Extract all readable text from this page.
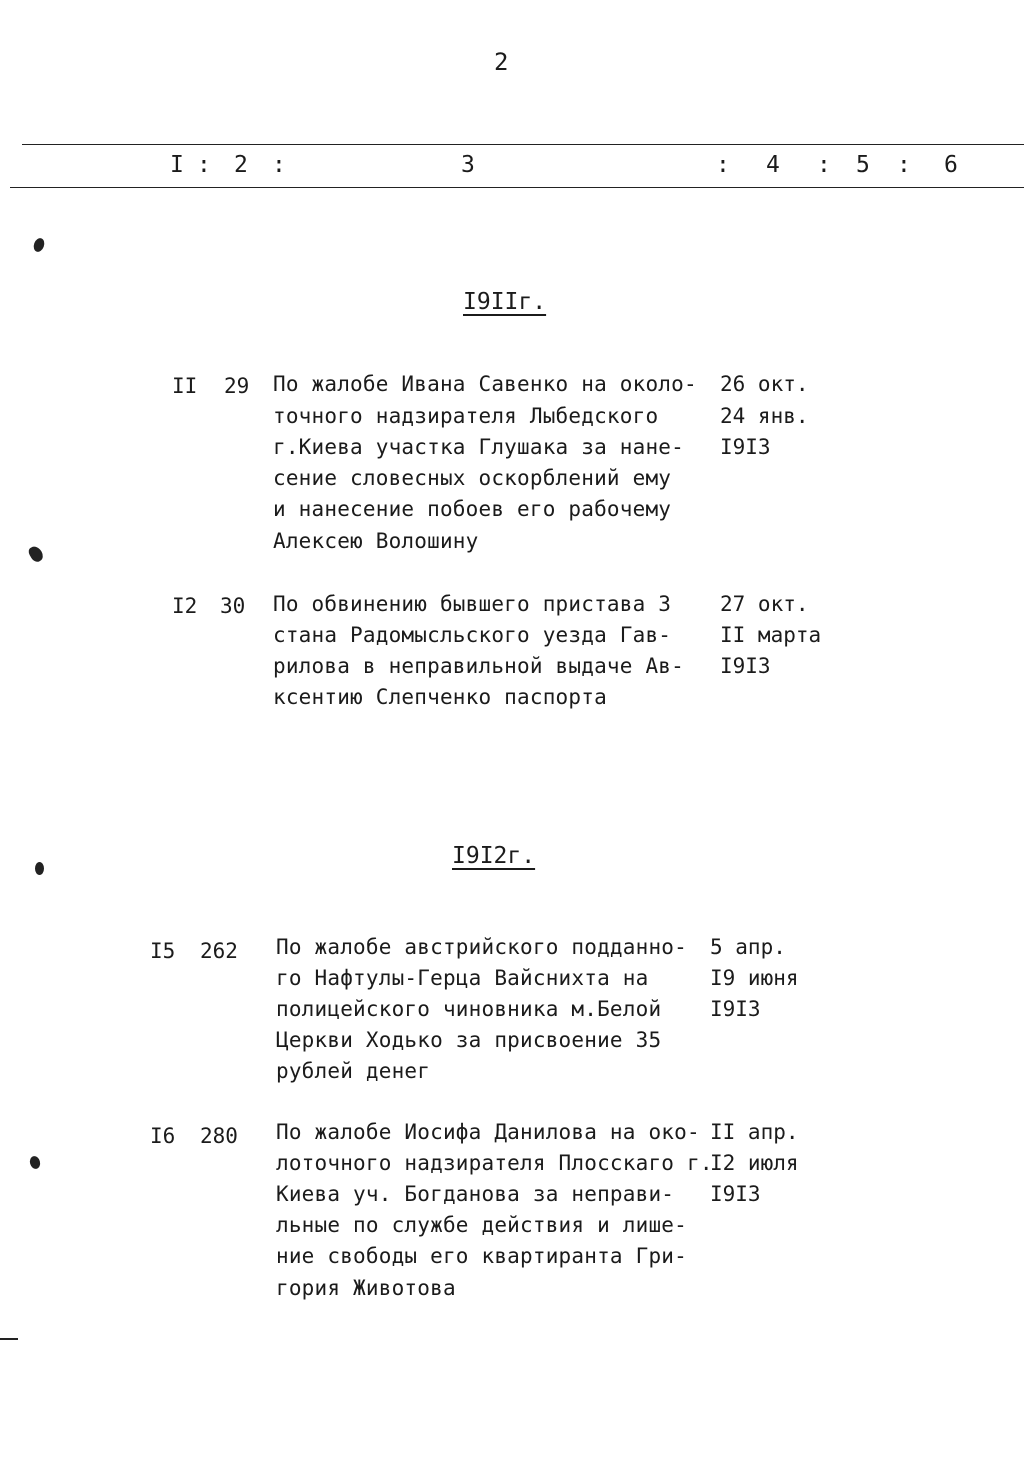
2
I : 2 :	3	: 4 : 5 : 6
I9IIг.
II 29 По жалобе Ивана Савенко на около-
точного надзирателя Лыбедского
г.Киева участка Глушака за нане-
сение словесных оскорблений ему
и нанесение побоев его рабочему
Алексею Волошину
26 окт.
24 янв.
I9I3
I2 30 По обвинению бывшего пристава 3
стана Радомысльского уезда Гав-
рилова в неправильной выдаче Ав-
ксентию Слепченко паспорта
27 окт.
II марта
I9I3
I9I2г.
I5 262 По жалобе австрийского подданно-
го Нафтулы-Герца Вайснихта на
полицейского чиновника м.Белой
Церкви Ходько за присвоение 35
рублей денег
5 апр.
I9 июня
I9I3
I6 280 По жалобе Иосифа Данилова на око-
лоточного надзирателя Плосскаго г.
Киева уч. Богданова за неправи-
льные по службе действия и лише-
ние свободы его квартиранта Гри-
гория Животова
II апр.
I2 июля
I9I3
